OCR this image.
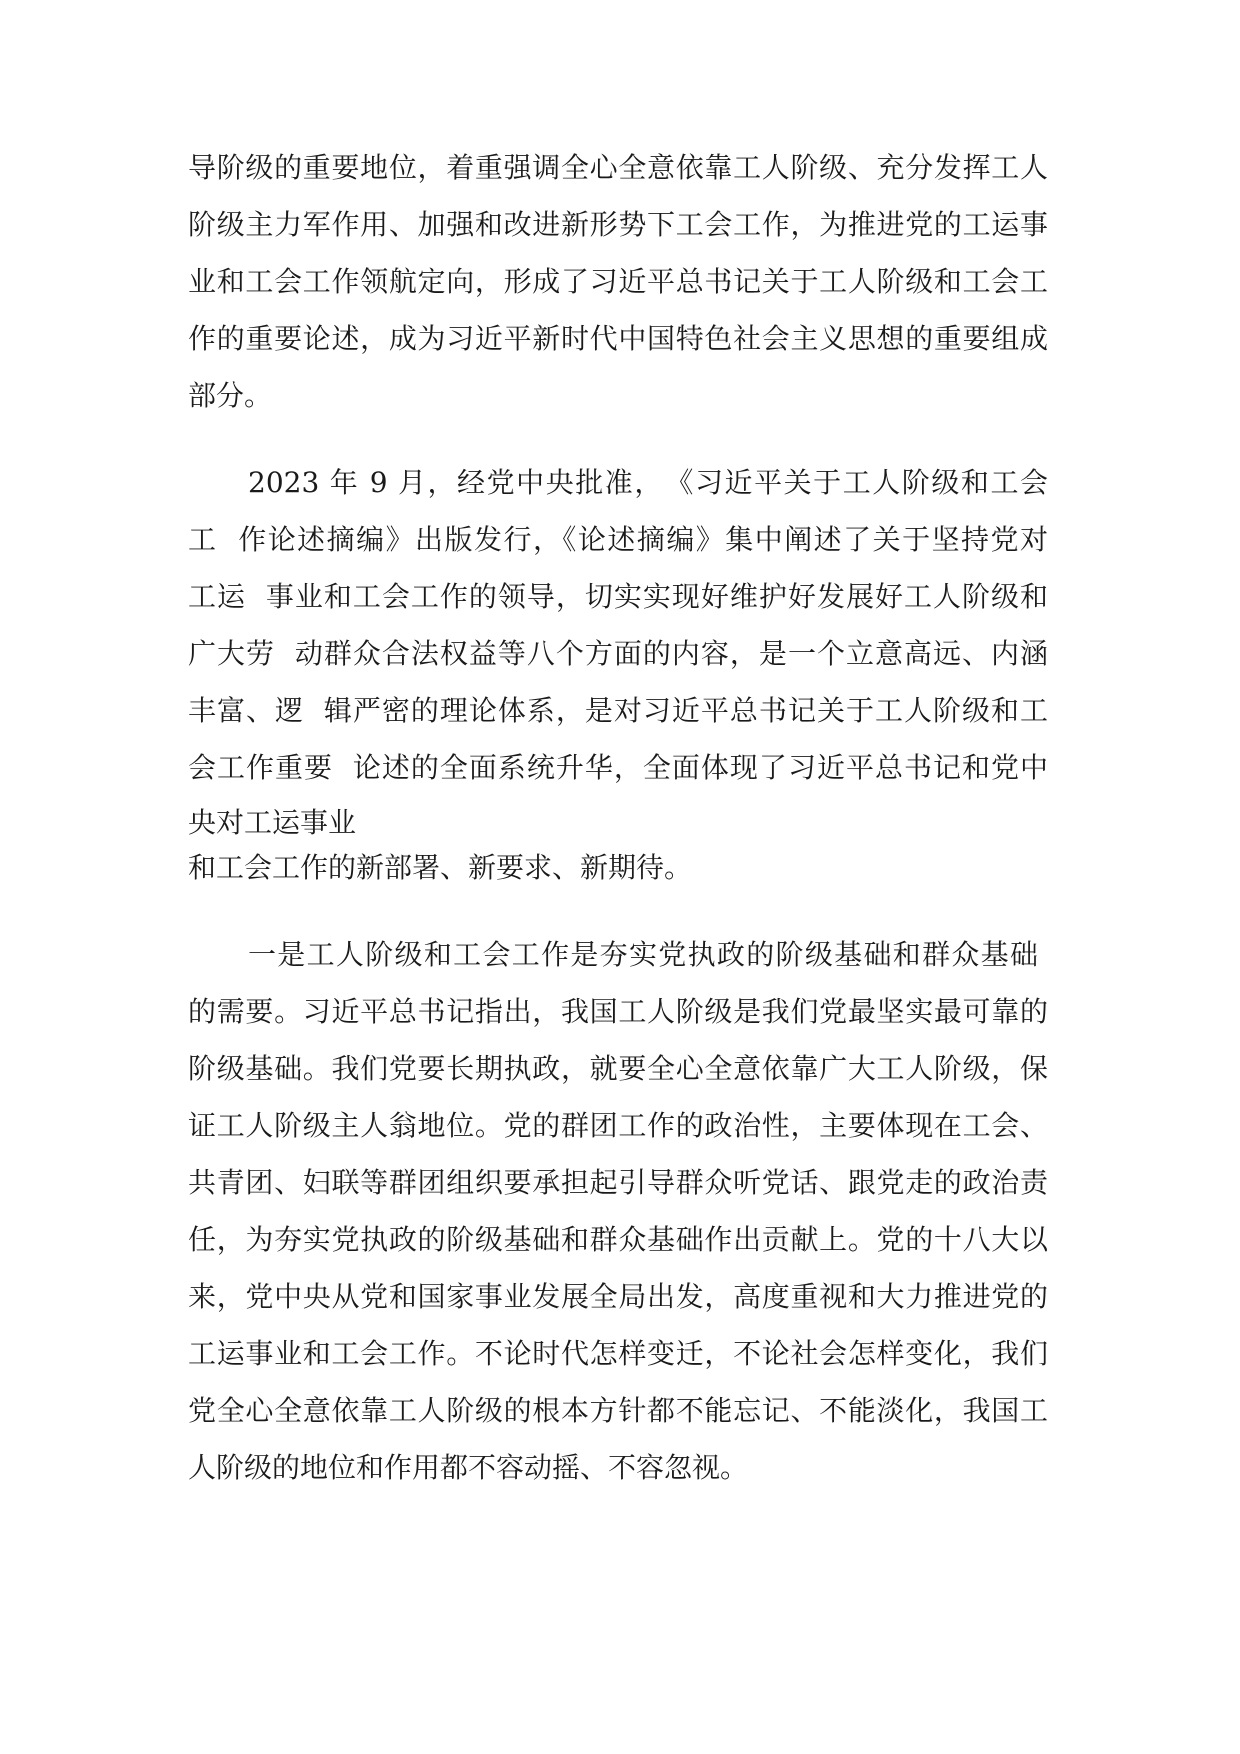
导阶级的重要地位，着重强调全心全意依靠工人阶级、充分发挥工人
阶级主力军作用、加强和改进新形势下工会工作，为推进党的工运事
业和工会工作领航定向，形成了习近平总书记关于工人阶级和工会工
作的重要论述，成为习近平新时代中国特色社会主义思想的重要组成
部分。
2023 年 9 月，经党中央批准，　《习近平关于工人阶级和工会
工  作论述摘编》出版发行，《论述摘编》集中阐述了关于坚持党对
工运  事业和工会工作的领导，切实实现好维护好发展好工人阶级和
广大劳  动群众合法权益等八个方面的内容，是一个立意高远、内涵
丰富、逻  辑严密的理论体系，是对习近平总书记关于工人阶级和工
会工作重要  论述的全面系统升华，全面体现了习近平总书记和党中
央对工运事业
和工会工作的新部署、新要求、新期待。
一是工人阶级和工会工作是夯实党执政的阶级基础和群众基础
的需要。习近平总书记指出，我国工人阶级是我们党最坚实最可靠的
阶级基础。我们党要长期执政，就要全心全意依靠广大工人阶级，保
证工人阶级主人翁地位。党的群团工作的政治性，主要体现在工会、
共青团、妇联等群团组织要承担起引导群众听党话、跟党走的政治责
任，为夯实党执政的阶级基础和群众基础作出贡献上。党的十八大以
来，党中央从党和国家事业发展全局出发，高度重视和大力推进党的
工运事业和工会工作。不论时代怎样变迁，不论社会怎样变化，我们
党全心全意依靠工人阶级的根本方针都不能忘记、不能淡化，我国工
人阶级的地位和作用都不容动摇、不容忽视。
